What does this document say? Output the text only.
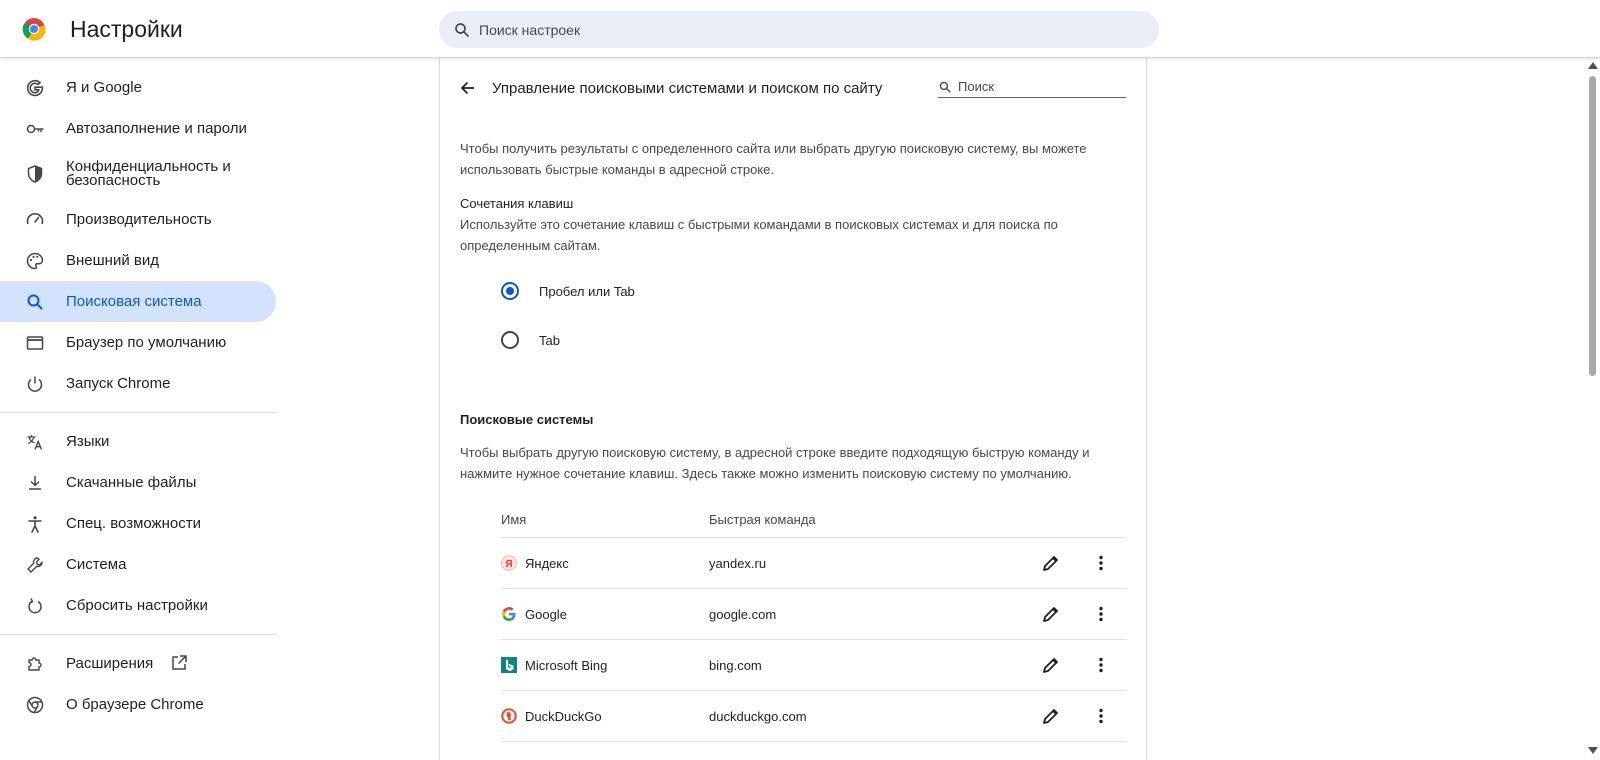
Настройки
Поиск настроек
Я и Google
Автозаполнение и пароли
Конфиденциальность и безопасность
Производительность
Внешний вид
Поисковая система
Браузер по умолчанию
Запуск Chrome
Языки
Скачанные файлы
Спец. возможности
Система
Сбросить настройки
Расширения
О браузере Chrome
Управление поисковыми системами и поиском по сайту
Поиск
Чтобы получить результаты с определенного сайта или выбрать другую поисковую систему, вы можете использовать быстрые команды в адресной строке.
Сочетания клавиш
Используйте это сочетание клавиш с быстрыми командами в поисковых системах и для поиска по определенным сайтам.
Пробел или Tab
Tab
Поисковые системы
Чтобы выбрать другую поисковую систему, в адресной строке введите подходящую быструю команду и нажмите нужное сочетание клавиш. Здесь также можно изменить поисковую систему по умолчанию.
Имя	Быстрая команда
Я Яндекс	yandex.ru
Google	google.com
Microsoft Bing	bing.com
DuckDuckGo	duckduckgo.com
